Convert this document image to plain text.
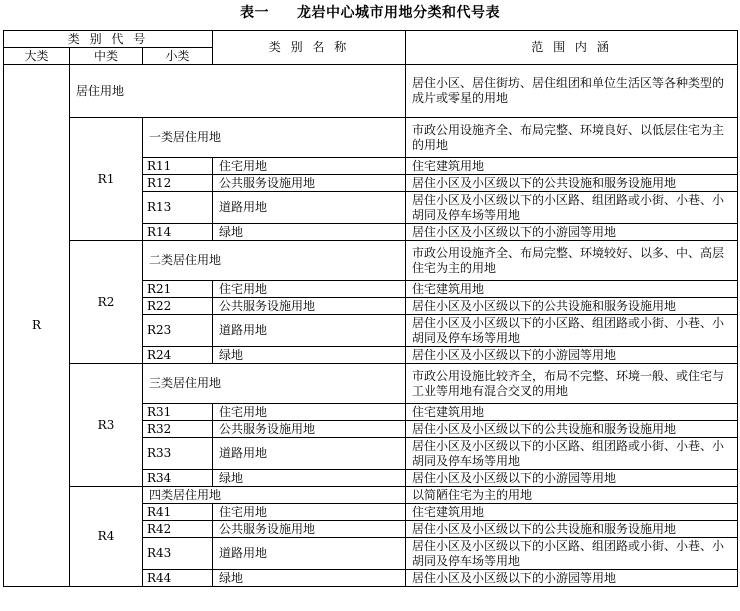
表一 龙岩中心城市用地分类和代号表
类 别 代 号			类 别 名 称	范 围 内 涵
大类	中类	小类		
R	居住用地			居住小区、居住街坊、居住组团和单位生活区等各种类型的成片或零星的用地
	R1	一类居住用地		市政公用设施齐全、布局完整、环境良好、以低层住宅为主的用地
		R11	住宅用地	住宅建筑用地
		R12	公共服务设施用地	居住小区及小区级以下的公共设施和服务设施用地
		R13	道路用地	居住小区及小区级以下的小区路、组团路或小街、小巷、小胡同及停车场等用地
		R14	绿地	居住小区及小区级以下的小游园等用地
	R2	二类居住用地		市政公用设施齐全、布局完整、环境较好、以多、中、高层住宅为主的用地
		R21	住宅用地	住宅建筑用地
		R22	公共服务设施用地	居住小区及小区级以下的公共设施和服务设施用地
		R23	道路用地	居住小区及小区级以下的小区路、组团路或小街、小巷、小胡同及停车场等用地
		R24	绿地	居住小区及小区级以下的小游园等用地
	R3	三类居住用地		市政公用设施比较齐全，布局不完整、环境一般、或住宅与工业等用地有混合交叉的用地
		R31	住宅用地	住宅建筑用地
		R32	公共服务设施用地	居住小区及小区级以下的公共设施和服务设施用地
		R33	道路用地	居住小区及小区级以下的小区路、组团路或小街、小巷、小胡同及停车场等用地
		R34	绿地	居住小区及小区级以下的小游园等用地
	R4	四类居住用地		以简陋住宅为主的用地
		R41	住宅用地	住宅建筑用地
		R42	公共服务设施用地	居住小区及小区级以下的公共设施和服务设施用地
		R43	道路用地	居住小区及小区级以下的小区路、组团路或小街、小巷、小胡同及停车场等用地
		R44	绿地	居住小区及小区级以下的小游园等用地
